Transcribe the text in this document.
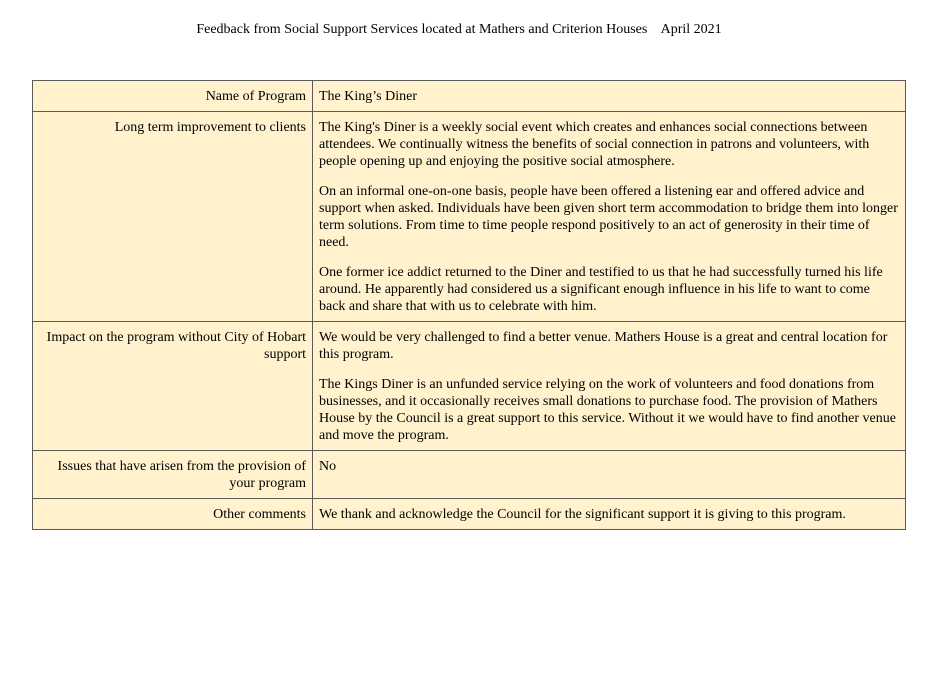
Feedback from Social Support Services located at Mathers and Criterion Houses April 2021
Name of Program	The King’s Diner

Long term improvement to clients	The King's Diner is a weekly social event which creates and enhances social connections between attendees. We continually witness the benefits of social connection in patrons and volunteers, with people opening up and enjoying the positive social atmosphere.

On an informal one-on-one basis, people have been offered a listening ear and offered advice and support when asked. Individuals have been given short term accommodation to bridge them into longer term solutions. From time to time people respond positively to an act of generosity in their time of need.

One former ice addict returned to the Diner and testified to us that he had successfully turned his life around. He apparently had considered us a significant enough influence in his life to want to come back and share that with us to celebrate with him.

Impact on the program without City of Hobart support	We would be very challenged to find a better venue. Mathers House is a great and central location for this program.

The Kings Diner is an unfunded service relying on the work of volunteers and food donations from businesses, and it occasionally receives small donations to purchase food. The provision of Mathers House by the Council is a great support to this service. Without it we would have to find another venue and move the program.

Issues that have arisen from the provision of your program	No

Other comments	We thank and acknowledge the Council for the significant support it is giving to this program.
